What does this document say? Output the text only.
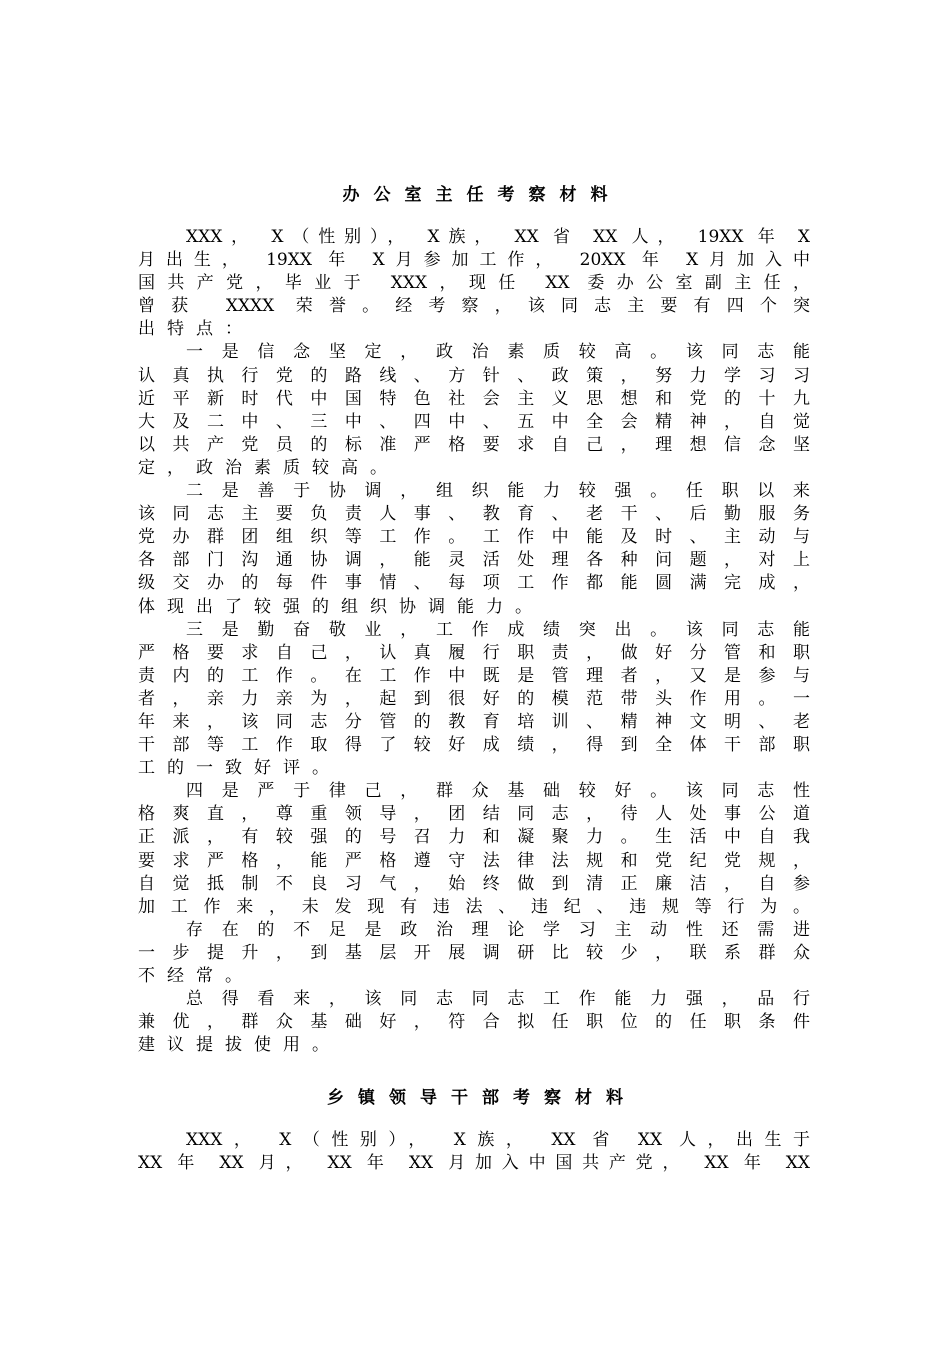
办公室主任考察材料
XXX， X（性别）， X族， XX 省 XX 人， 19XX 年 X
月出生， 19XX 年 X月参加工作， 20XX 年 X月加入中
国共产党，毕业于 XXX，现任 XX 委办公室副主任，
曾获 XXXX 荣誉。经考察，该同志主要有四个突
出特点：
一是信念坚定，政治素质较高。该同志能
认真执行党的路线、方针、政策，努力学习习
近平新时代中国特色社会主义思想和党的十九
大及二中、三中、四中、五中全会精神，自觉
以共产党员的标准严格要求自己，理想信念坚
定，政治素质较高。
二是善于协调，组织能力较强。任职以来
该同志主要负责人事、教育、老干、后勤服务
党办群团组织等工作。工作中能及时、主动与
各部门沟通协调，能灵活处理各种问题，对上
级交办的每件事情、每项工作都能圆满完成，
体现出了较强的组织协调能力。
三是勤奋敬业，工作成绩突出。该同志能
严格要求自己，认真履行职责，做好分管和职
责内的工作。在工作中既是管理者，又是参与
者，亲力亲为，起到很好的模范带头作用。一
年来，该同志分管的教育培训、精神文明、老
干部等工作取得了较好成绩，得到全体干部职
工的一致好评。
四是严于律己，群众基础较好。该同志性
格爽直，尊重领导，团结同志，待人处事公道
正派，有较强的号召力和凝聚力。生活中自我
要求严格，能严格遵守法律法规和党纪党规，
自觉抵制不良习气，始终做到清正廉洁，自参
加工作来，未发现有违法、违纪、违规等行为。
存在的不足是政治理论学习主动性还需进
一步提升，到基层开展调研比较少，联系群众
不经常。
总得看来，该同志同志工作能力强，品行
兼优，群众基础好，符合拟任职位的任职条件
建议提拔使用。
乡镇领导干部考察材料
XXX， X（性别）， X族， XX 省 XX 人，出生于
XX 年 XX 月， XX 年 XX 月加入中国共产党， XX 年 XX
